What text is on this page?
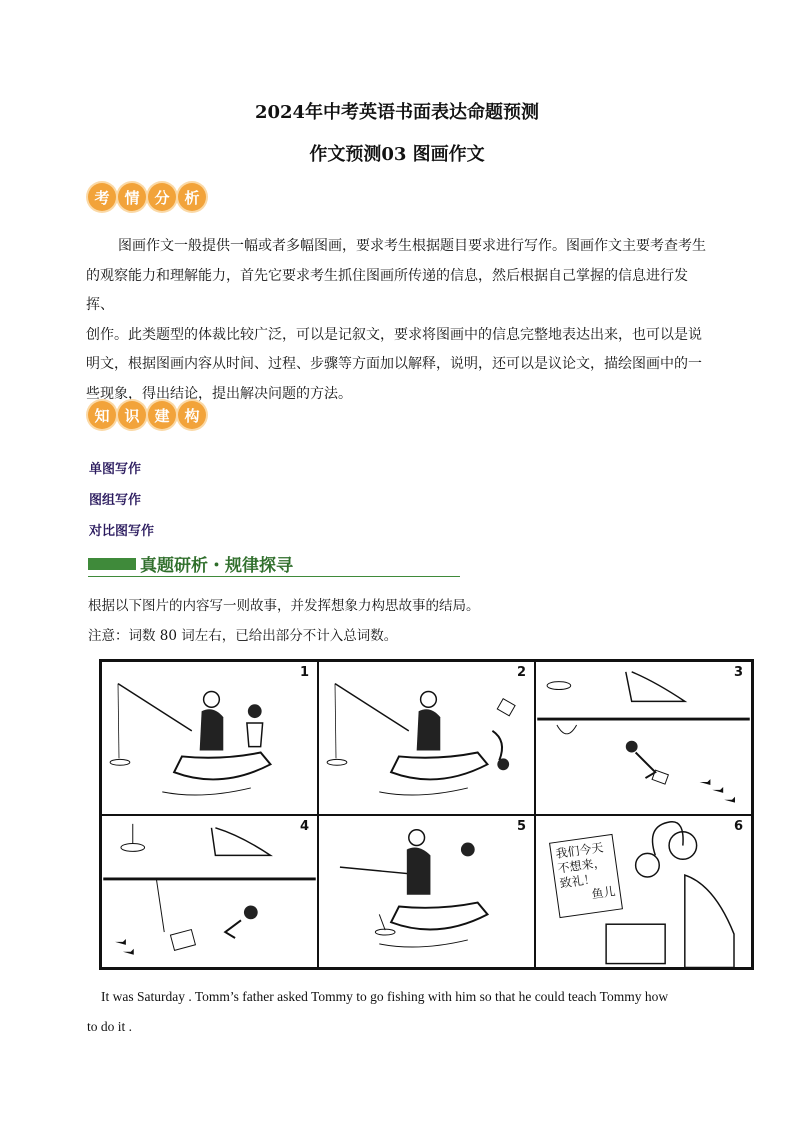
2024年中考英语书面表达命题预测
作文预测03 图画作文
考 情 分 析

图画作文一般提供一幅或者多幅图画，要求考生根据题目要求进行写作。图画作文主要考查考生

的观察能力和理解能力，首先它要求考生抓住图画所传递的信息，然后根据自己掌握的信息进行发挥、

创作。此类题型的体裁比较广泛，可以是记叙文，要求将图画中的信息完整地表达出来，也可以是说

明文，根据图画内容从时间、过程、步骤等方面加以解释，说明，还可以是议论文，描绘图画中的一

些现象，得出结论，提出解决问题的方法。

知 识 建 构
单图写作
图组写作
对比图写作
真题研析・规律探寻
根据以下图片的内容写一则故事，并发挥想象力构思故事的结局。
注意：词数 80 词左右，已给出部分不计入总词数。
1	2	3
4	5	6
我们今天
不想来，
致礼！
鱼儿

It was Saturday . Tomm’s father asked Tommy to go fishing with him so that he could teach Tommy how

to do it .
